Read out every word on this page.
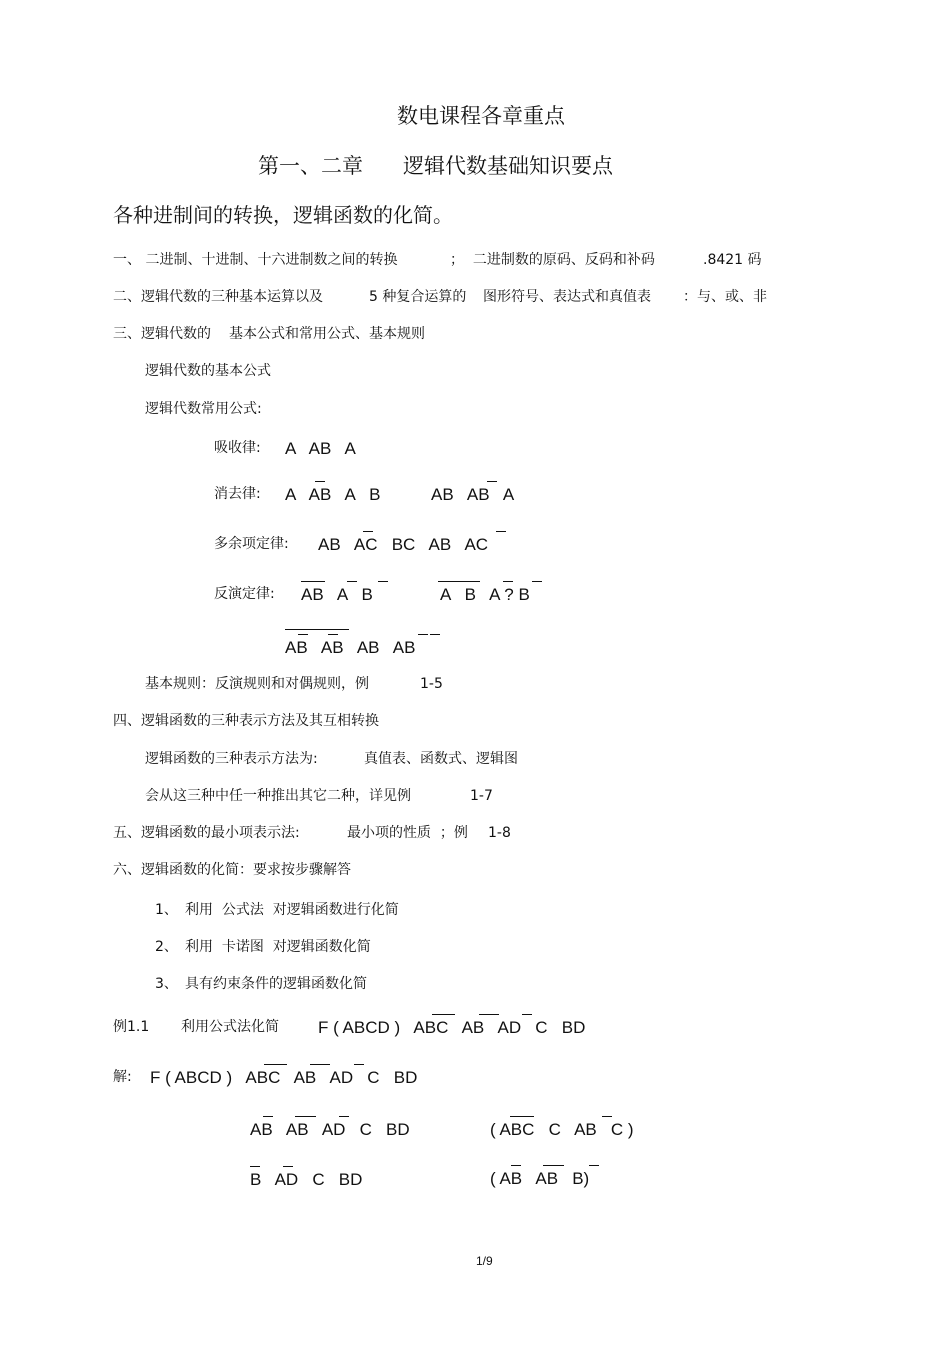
数电课程各章重点
第一、二章 逻辑代数基础知识要点
各种进制间的转换，逻辑函数的化简。
一、 二进制、十进制、十六进制数之间的转换	；  二进制数的原码、反码和补码	.8421 码
二、逻辑代数的三种基本运算以及	5 种复合运算的 图形符号、表达式和真值表 ：与、或、非
三、逻辑代数的 基本公式和常用公式、基本规则
逻辑代数的基本公式
逻辑代数常用公式:
吸收律: A   AB   A
消去律: A   AB   A   B	AB   AB   A
多余项定律: AB   AC   BC   AB   AC
反演定律: AB   A   B	A   B   A ? B
AB   AB   AB   AB
基本规则：反演规则和对偶规则，例	1-5
四、逻辑函数的三种表示方法及其互相转换
逻辑函数的三种表示方法为:	真值表、函数式、逻辑图
会从这三种中任一种推出其它二种，详见例	1-7
五、逻辑函数的最小项表示法:	最小项的性质  ；例 1-8
六、逻辑函数的化简：要求按步骤解答
1、 利用  公式法  对逻辑函数进行化简
2、 利用  卡诺图  对逻辑函数化简
3、 具有约束条件的逻辑函数化简
例1.1 利用公式法化简 F ( ABCD )   ABC   AB   AD   C   BD
解: F ( ABCD )   ABC   AB   AD   C   BD
AB   AB   AD   C   BD	( ABC   C   AB   C )
B   AD   C   BD	( AB   AB   B)
1/9
